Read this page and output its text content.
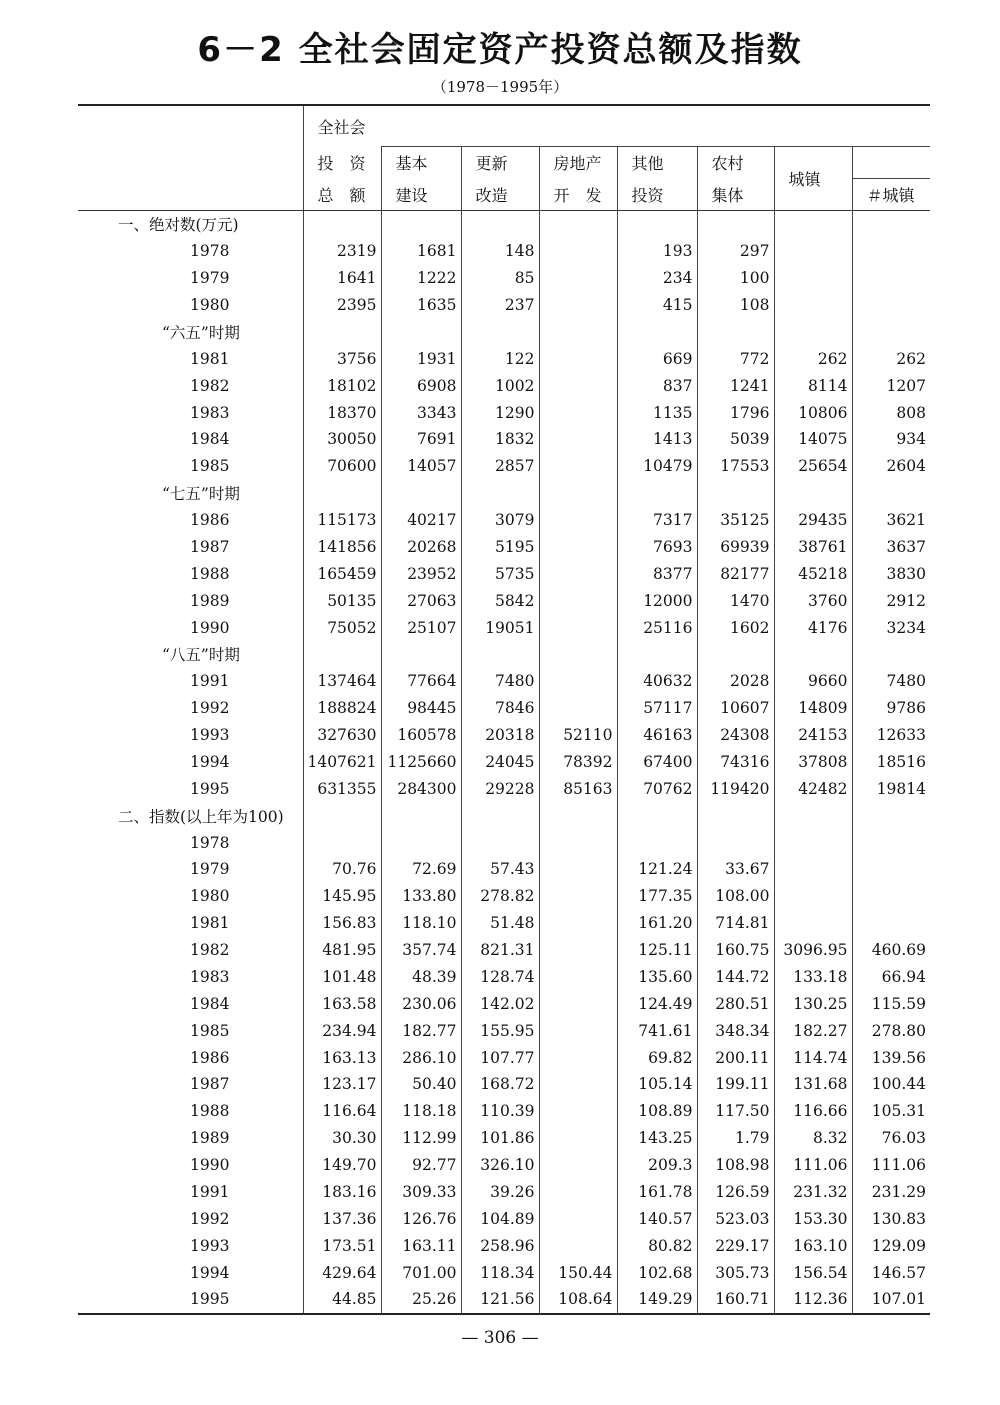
6－2 全社会固定资产投资总额及指数
（1978－1995年）
	全社会							
	投　资	基本	更新	房地产	其他	农村	城镇	
	总　额	建设	改造	开　发	投资	集体		＃城镇
一、绝对数(万元)								
1978	2319	1681	148		193	297		
1979	1641	1222	85		234	100		
1980	2395	1635	237		415	108		
“六五”时期								
1981	3756	1931	122		669	772	262	262
1982	18102	6908	1002		837	1241	8114	1207
1983	18370	3343	1290		1135	1796	10806	808
1984	30050	7691	1832		1413	5039	14075	934
1985	70600	14057	2857		10479	17553	25654	2604
“七五”时期								
1986	115173	40217	3079		7317	35125	29435	3621
1987	141856	20268	5195		7693	69939	38761	3637
1988	165459	23952	5735		8377	82177	45218	3830
1989	50135	27063	5842		12000	1470	3760	2912
1990	75052	25107	19051		25116	1602	4176	3234
“八五”时期								
1991	137464	77664	7480		40632	2028	9660	7480
1992	188824	98445	7846		57117	10607	14809	9786
1993	327630	160578	20318	52110	46163	24308	24153	12633
1994	1407621	1125660	24045	78392	67400	74316	37808	18516
1995	631355	284300	29228	85163	70762	119420	42482	19814
二、指数(以上年为100)								
1978								
1979	70.76	72.69	57.43		121.24	33.67		
1980	145.95	133.80	278.82		177.35	108.00		
1981	156.83	118.10	51.48		161.20	714.81		
1982	481.95	357.74	821.31		125.11	160.75	3096.95	460.69
1983	101.48	48.39	128.74		135.60	144.72	133.18	66.94
1984	163.58	230.06	142.02		124.49	280.51	130.25	115.59
1985	234.94	182.77	155.95		741.61	348.34	182.27	278.80
1986	163.13	286.10	107.77		69.82	200.11	114.74	139.56
1987	123.17	50.40	168.72		105.14	199.11	131.68	100.44
1988	116.64	118.18	110.39		108.89	117.50	116.66	105.31
1989	30.30	112.99	101.86		143.25	1.79	8.32	76.03
1990	149.70	92.77	326.10		209.3	108.98	111.06	111.06
1991	183.16	309.33	39.26		161.78	126.59	231.32	231.29
1992	137.36	126.76	104.89		140.57	523.03	153.30	130.83
1993	173.51	163.11	258.96		80.82	229.17	163.10	129.09
1994	429.64	701.00	118.34	150.44	102.68	305.73	156.54	146.57
1995	44.85	25.26	121.56	108.64	149.29	160.71	112.36	107.01
— 306 —
